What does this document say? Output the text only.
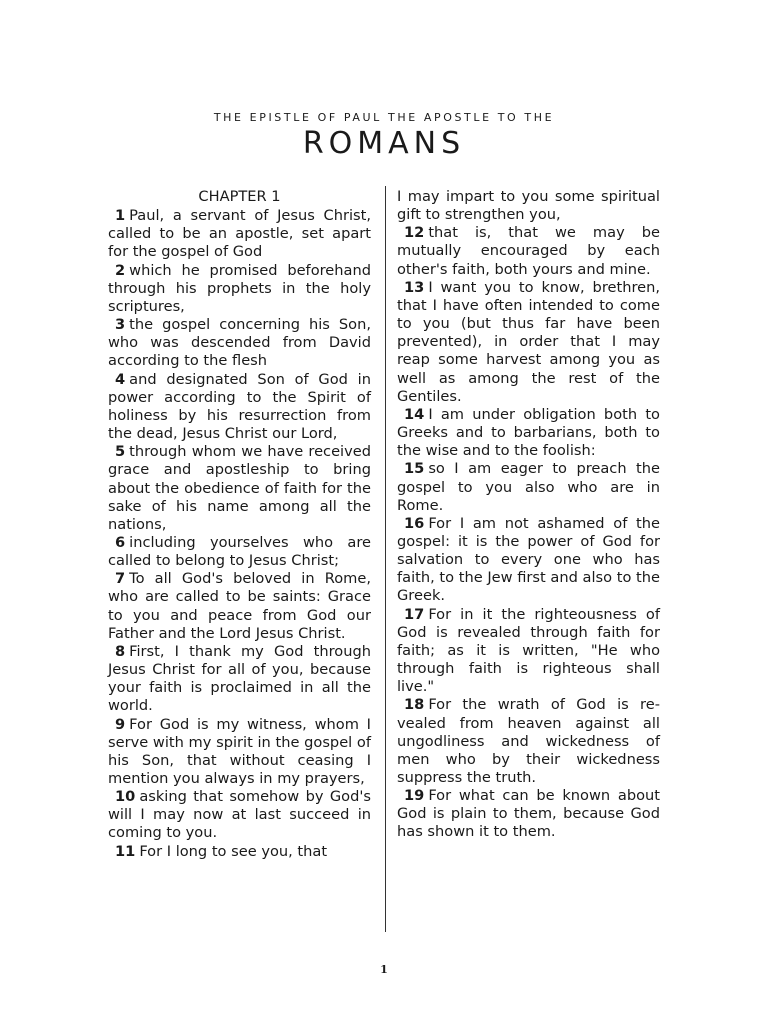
THE EPISTLE OF PAUL THE APOSTLE TO THE
ROMANS
CHAPTER 1

1 Paul, a servant of Jesus Christ, called to be an apostle, set apart for the gospel of God

2 which he promised beforehand through his prophets in the holy scriptures,

3 the gospel concerning his Son, who was descended from David according to the flesh

4 and designated Son of God in power according to the Spirit of holiness by his resurrection from the dead, Jesus Christ our Lord,

5 through whom we have received grace and apostleship to bring about the obedience of faith for the sake of his name among all the nations,

6 including yourselves who are called to belong to Jesus Christ;

7 To all God's beloved in Rome, who are called to be saints: Grace to you and peace from God our Father and the Lord Jesus Christ.

8 First, I thank my God through Jesus Christ for all of you, because your faith is proclaimed in all the world.

9 For God is my witness, whom I serve with my spirit in the gospel of his Son, that without ceasing I mention you always in my prayers,

10 asking that somehow by God's will I may now at last succeed in coming to you.

11 For I long to see you, that

I may impart to you some spiritual gift to strengthen you,

12 that is, that we may be mutually encouraged by each other's faith, both yours and mine.

13 I want you to know, brethren, that I have often intended to come to you (but thus far have been prevented), in order that I may reap some harvest among you as well as among the rest of the Gentiles.

14 I am under obligation both to Greeks and to barbarians, both to the wise and to the foolish:

15 so I am eager to preach the gospel to you also who are in Rome.

16 For I am not ashamed of the gospel: it is the power of God for salvation to every one who has faith, to the Jew first and also to the Greek.

17 For in it the righteousness of God is revealed through faith for faith; as it is written, "He who through faith is righteous shall live."

18 For the wrath of God is revealed from heaven against all ungodliness and wickedness of men who by their wickedness suppress the truth.

19 For what can be known about God is plain to them, because God has shown it to them.

1
